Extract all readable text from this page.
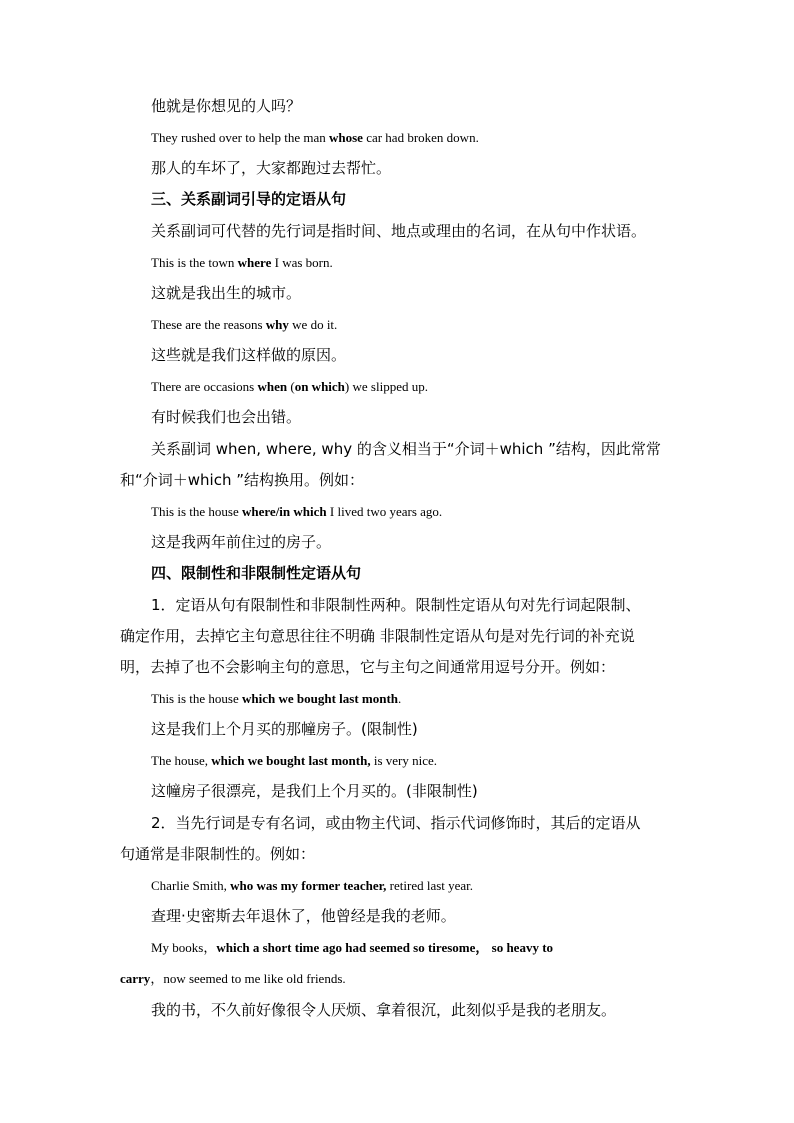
他就是你想见的人吗？
They rushed over to help the man whose car had broken down.
那人的车坏了，大家都跑过去帮忙。
三、关系副词引导的定语从句
关系副词可代替的先行词是指时间、地点或理由的名词，在从句中作状语。
This is the town where I was born.
这就是我出生的城市。
These are the reasons why we do it.
这些就是我们这样做的原因。
There are occasions when (on which) we slipped up.
有时候我们也会出错。
关系副词 when, where, why 的含义相当于“介词＋which ”结构，因此常常
和“介词＋which ”结构换用。例如：
This is the house where/in which I lived two years ago.
这是我两年前住过的房子。
四、限制性和非限制性定语从句
1．定语从句有限制性和非限制性两种。限制性定语从句对先行词起限制、
确定作用，去掉它主句意思往往不明确 非限制性定语从句是对先行词的补充说
明，去掉了也不会影响主句的意思，它与主句之间通常用逗号分开。例如：
This is the house which we bought last month.
这是我们上个月买的那幢房子。(限制性)
The house, which we bought last month, is very nice.
这幢房子很漂亮，是我们上个月买的。(非限制性)
2．当先行词是专有名词，或由物主代词、指示代词修饰时，其后的定语从
句通常是非限制性的。例如：
Charlie Smith, who was my former teacher, retired last year.
查理·史密斯去年退休了，他曾经是我的老师。
My books，which a short time ago had seemed so tiresome， so heavy to
carry，now seemed to me like old friends.
我的书，不久前好像很令人厌烦、拿着很沉，此刻似乎是我的老朋友。
